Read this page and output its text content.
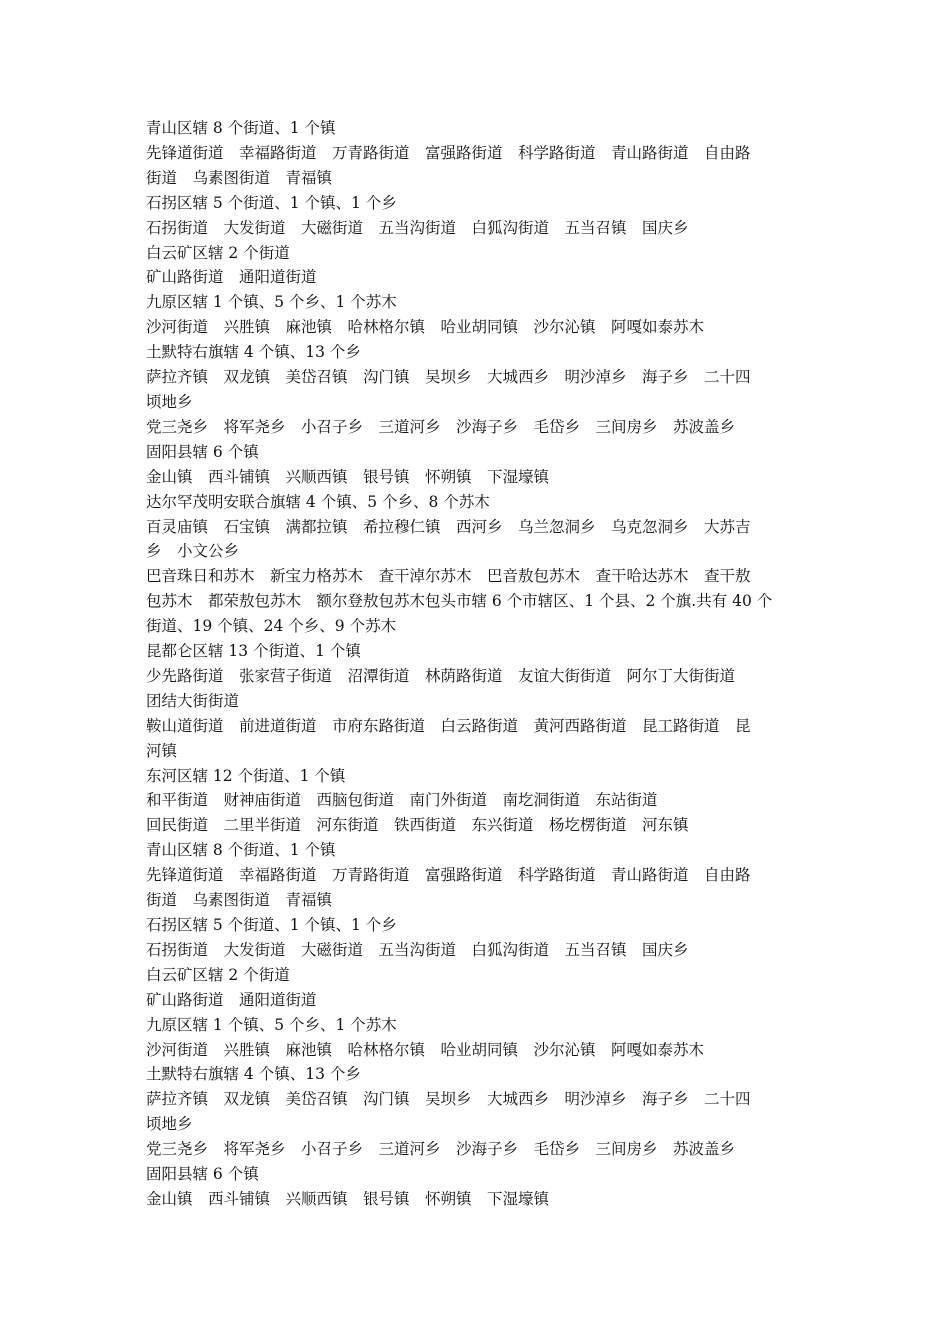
青山区辖 8 个街道、1 个镇
先锋道街道　幸福路街道　万青路街道　富强路街道　科学路街道　青山路街道　自由路
街道　乌素图街道　青福镇
石拐区辖 5 个街道、1 个镇、1 个乡
石拐街道　大发街道　大磁街道　五当沟街道　白狐沟街道　五当召镇　国庆乡
白云矿区辖 2 个街道
矿山路街道　通阳道街道
九原区辖 1 个镇、5 个乡、1 个苏木
沙河街道　兴胜镇　麻池镇　哈林格尔镇　哈业胡同镇　沙尔沁镇　阿嘎如泰苏木
土默特右旗辖 4 个镇、13 个乡
萨拉齐镇　双龙镇　美岱召镇　沟门镇　吴坝乡　大城西乡　明沙淖乡　海子乡　二十四
顷地乡
党三尧乡　将军尧乡　小召子乡　三道河乡　沙海子乡　毛岱乡　三间房乡　苏波盖乡
固阳县辖 6 个镇
金山镇　西斗铺镇　兴顺西镇　银号镇　怀朔镇　下湿壕镇
达尔罕茂明安联合旗辖 4 个镇、5 个乡、8 个苏木
百灵庙镇　石宝镇　满都拉镇　希拉穆仁镇　西河乡　乌兰忽洞乡　乌克忽洞乡　大苏吉
乡　小文公乡
巴音珠日和苏木　新宝力格苏木　查干淖尔苏木　巴音敖包苏木　查干哈达苏木　查干敖
包苏木　都荣敖包苏木　额尔登敖包苏木包头市辖 6 个市辖区、1 个县、2 个旗.共有 40 个
街道、19 个镇、24 个乡、9 个苏木
昆都仑区辖 13 个街道、1 个镇
少先路街道　张家营子街道　沼潭街道　林荫路街道　友谊大街街道　阿尔丁大街街道
团结大街街道
鞍山道街道　前进道街道　市府东路街道　白云路街道　黄河西路街道　昆工路街道　昆
河镇
东河区辖 12 个街道、1 个镇
和平街道　财神庙街道　西脑包街道　南门外街道　南圪洞街道　东站街道
回民街道　二里半街道　河东街道　铁西街道　东兴街道　杨圪楞街道　河东镇
青山区辖 8 个街道、1 个镇
先锋道街道　幸福路街道　万青路街道　富强路街道　科学路街道　青山路街道　自由路
街道　乌素图街道　青福镇
石拐区辖 5 个街道、1 个镇、1 个乡
石拐街道　大发街道　大磁街道　五当沟街道　白狐沟街道　五当召镇　国庆乡
白云矿区辖 2 个街道
矿山路街道　通阳道街道
九原区辖 1 个镇、5 个乡、1 个苏木
沙河街道　兴胜镇　麻池镇　哈林格尔镇　哈业胡同镇　沙尔沁镇　阿嘎如泰苏木
土默特右旗辖 4 个镇、13 个乡
萨拉齐镇　双龙镇　美岱召镇　沟门镇　吴坝乡　大城西乡　明沙淖乡　海子乡　二十四
顷地乡
党三尧乡　将军尧乡　小召子乡　三道河乡　沙海子乡　毛岱乡　三间房乡　苏波盖乡
固阳县辖 6 个镇
金山镇　西斗铺镇　兴顺西镇　银号镇　怀朔镇　下湿壕镇
